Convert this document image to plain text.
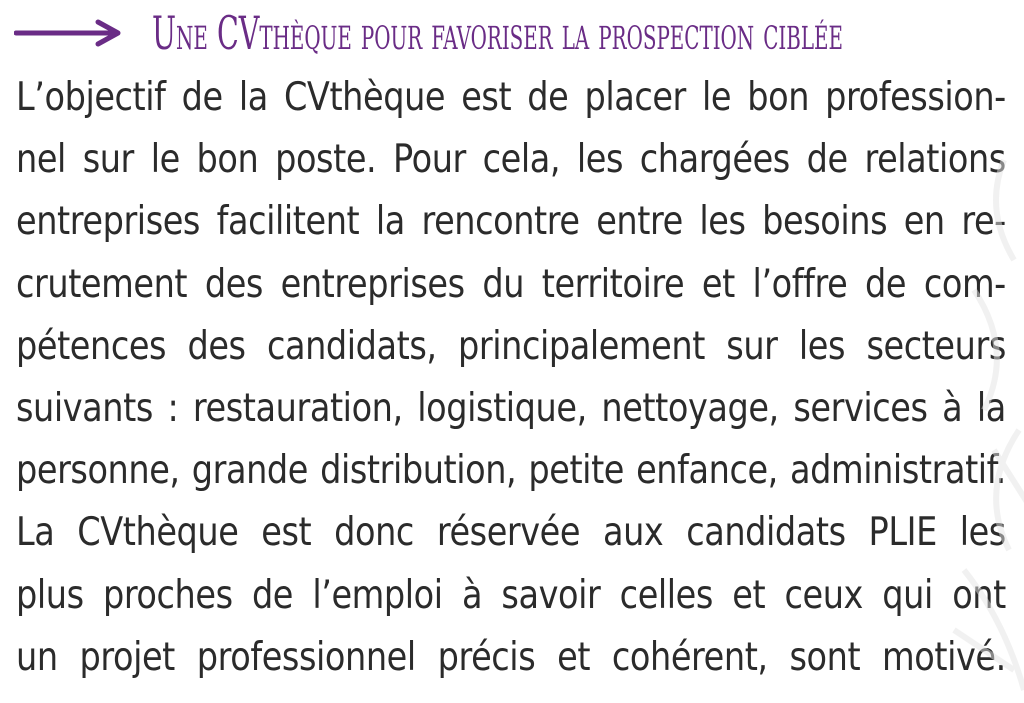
Une CVthèque pour favoriser la prospection ciblée
L’objectif de la CVthèque est de placer le bon profession-
nel sur le bon poste. Pour cela, les chargées de relations
entreprises facilitent la rencontre entre les besoins en re-
crutement des entreprises du territoire et l’offre de com-
pétences des candidats, principalement sur les secteurs
suivants : restauration, logistique, nettoyage, services à la
personne, grande distribution, petite enfance, administratif.
La CVthèque est donc réservée aux candidats PLIE les
plus proches de l’emploi à savoir celles et ceux qui ont
un projet professionnel précis et cohérent, sont motivé.
